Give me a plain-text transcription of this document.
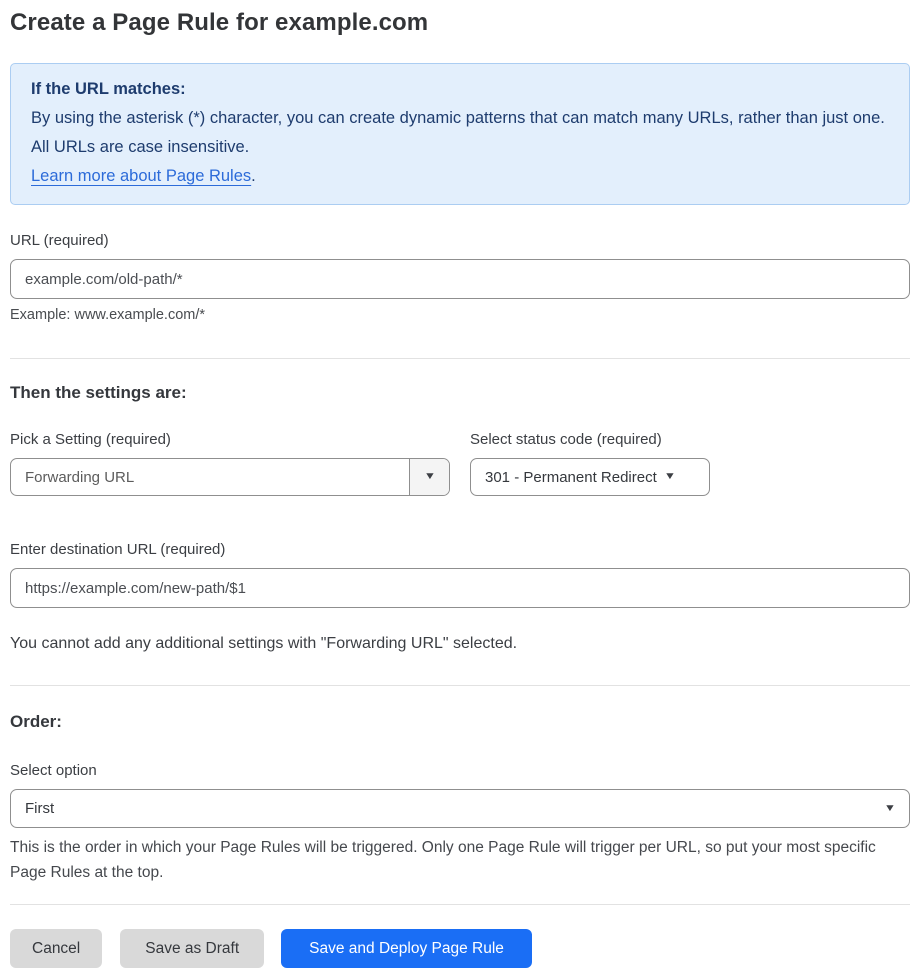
Create a Page Rule for example.com
If the URL matches:
By using the asterisk (*) character, you can create dynamic patterns that can match many URLs, rather than just one. All URLs are case insensitive.
Learn more about Page Rules.
URL (required)
example.com/old-path/*
Example: www.example.com/*
Then the settings are:
Pick a Setting (required)
Forwarding URL	▼
Select status code (required)
301 - Permanent Redirect ▼
Enter destination URL (required)
https://example.com/new-path/$1
You cannot add any additional settings with "Forwarding URL" selected.
Order:
Select option
First	▼
This is the order in which your Page Rules will be triggered. Only one Page Rule will trigger per URL, so put your most specific Page Rules at the top.
Cancel	Save as Draft	Save and Deploy Page Rule
